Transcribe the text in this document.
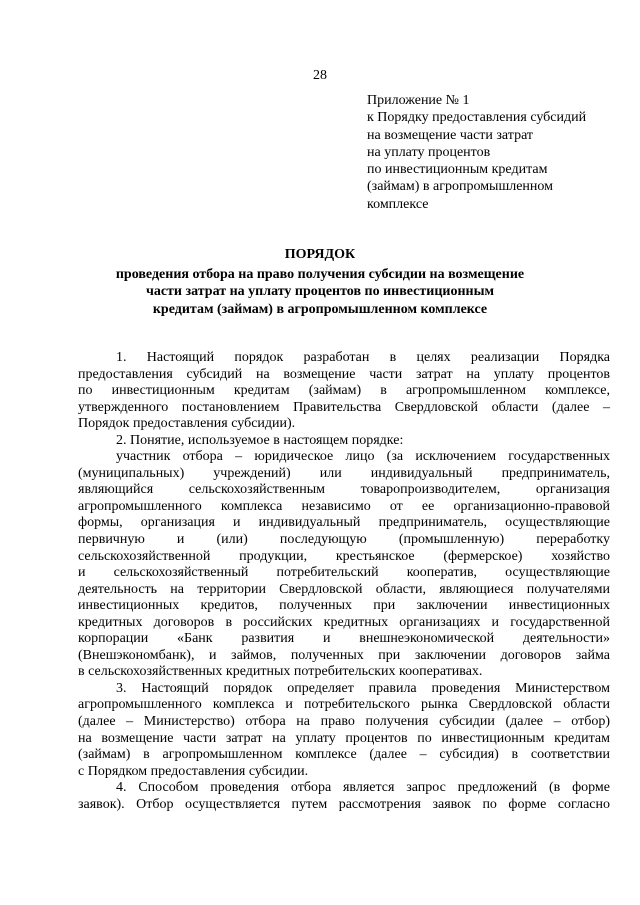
28
Приложение № 1
к Порядку предоставления субсидий
на возмещение части затрат
на уплату процентов
по инвестиционным кредитам
(займам) в агропромышленном
комплексе
ПОРЯДОК
проведения отбора на право получения субсидии на возмещение
части затрат на уплату процентов по инвестиционным
кредитам (займам) в агропромышленном комплексе
1. Настоящий порядок разработан в целях реализации Порядка
предоставления субсидий на возмещение части затрат на уплату процентов
по инвестиционным кредитам (займам) в агропромышленном комплексе,
утвержденного постановлением Правительства Свердловской области (далее –
Порядок предоставления субсидии).
2. Понятие, используемое в настоящем порядке:
участник отбора – юридическое лицо (за исключением государственных
(муниципальных) учреждений) или индивидуальный предприниматель,
являющийся сельскохозяйственным товаропроизводителем, организация
агропромышленного комплекса независимо от ее организационно-правовой
формы, организация и индивидуальный предприниматель, осуществляющие
первичную и (или) последующую (промышленную) переработку
сельскохозяйственной продукции, крестьянское (фермерское) хозяйство
и сельскохозяйственный потребительский кооператив, осуществляющие
деятельность на территории Свердловской области, являющиеся получателями
инвестиционных кредитов, полученных при заключении инвестиционных
кредитных договоров в российских кредитных организациях и государственной
корпорации «Банк развития и внешнеэкономической деятельности»
(Внешэкономбанк), и займов, полученных при заключении договоров займа
в сельскохозяйственных кредитных потребительских кооперативах.
3. Настоящий порядок определяет правила проведения Министерством
агропромышленного комплекса и потребительского рынка Свердловской области
(далее – Министерство) отбора на право получения субсидии (далее – отбор)
на возмещение части затрат на уплату процентов по инвестиционным кредитам
(займам) в агропромышленном комплексе (далее – субсидия) в соответствии
с Порядком предоставления субсидии.
4. Способом проведения отбора является запрос предложений (в форме
заявок). Отбор осуществляется путем рассмотрения заявок по форме согласно
